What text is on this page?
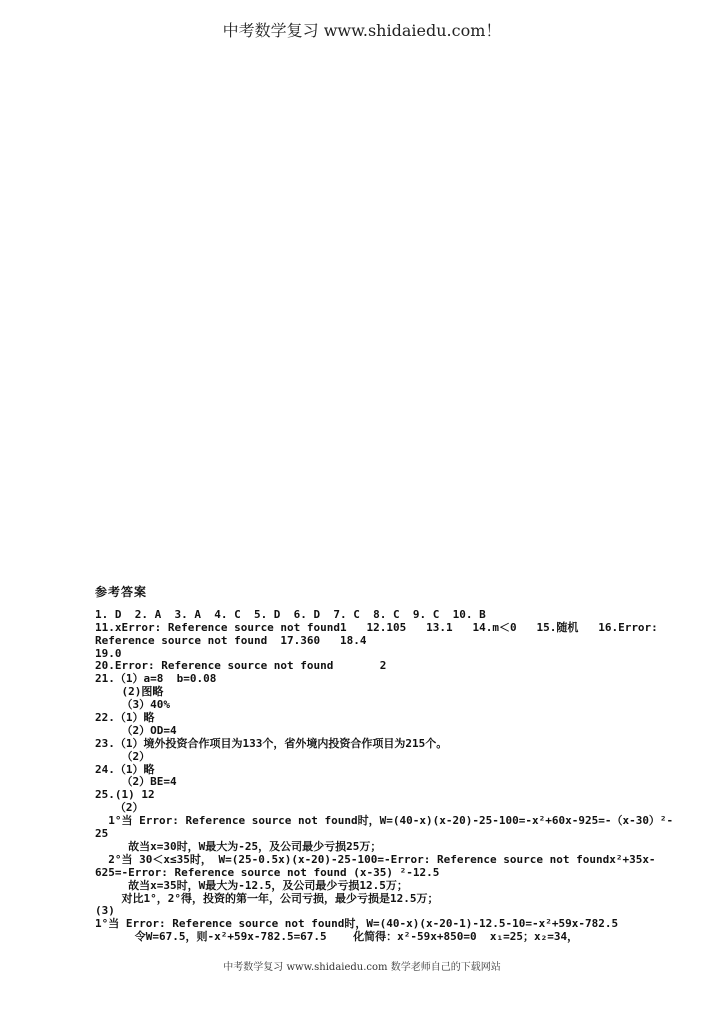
中考数学复习 www.shidaiedu.com！
参考答案
1. D  2. A  3. A  4. C  5. D  6. D  7. C  8. C  9. C  10. B
11.xError: Reference source not found1   12.105   13.1   14.m＜0   15.随机   16.Error:
Reference source not found  17.360   18.4
19.0
20.Error: Reference source not found       2
21.（1）a=8  b=0.08
(2)图略
（3）40%
22.（1）略
（2）OD=4
23.（1）境外投资合作项目为133个，省外境内投资合作项目为215个。
（2）
24.（1）略
（2）BE=4
25.(1) 12
（2）
1°当 Error: Reference source not found时，W=(40-x)(x-20)-25-100=-x²+60x-925=-（x-30）²-
25
故当x=30时，W最大为-25，及公司最少亏损25万；
2°当 30＜x≤35时， W=(25-0.5x)(x-20)-25-100=-Error: Reference source not foundx²+35x-
625=-Error: Reference source not found (x-35) ²-12.5
故当x=35时，W最大为-12.5，及公司最少亏损12.5万；
对比1°，2°得，投资的第一年，公司亏损，最少亏损是12.5万；
(3)
1°当 Error: Reference source not found时，W=(40-x)(x-20-1)-12.5-10=-x²+59x-782.5
令W=67.5，则-x²+59x-782.5=67.5    化简得：x²-59x+850=0  x₁=25；x₂=34，
中考数学复习 www.shidaiedu.com 数学老师自己的下载网站
